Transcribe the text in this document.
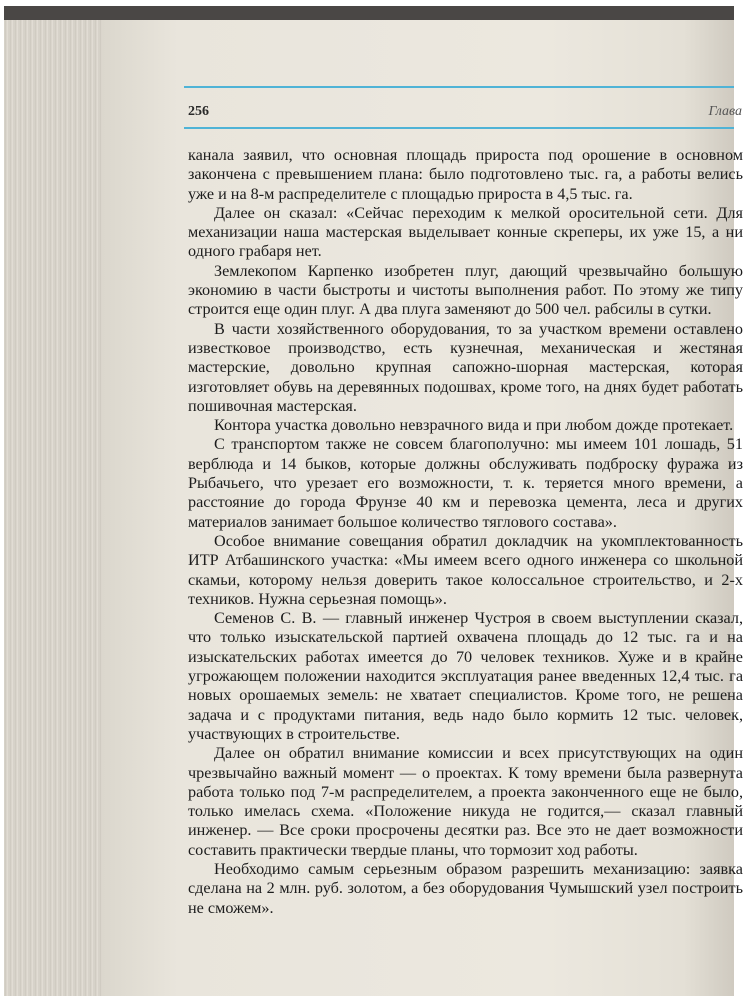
256	Глава

канала заявил, что основная площадь прироста под орошение в основном закончена с превышением плана: было подготовлено тыс. га, а работы велись уже и на 8-м распределителе с площадью прироста в 4,5 тыс. га.

Далее он сказал: «Сейчас переходим к мелкой оросительной сети. Для механизации наша мастерская выделывает конные скреперы, их уже 15, а ни одного грабаря нет.

Землекопом Карпенко изобретен плуг, дающий чрезвычайно большую экономию в части быстроты и чистоты выполнения работ. По этому же типу строится еще один плуг. А два плуга заменяют до 500 чел. рабсилы в сутки.

В части хозяйственного оборудования, то за участком времени оставлено известковое производство, есть кузнечная, механическая и жестяная мастерские, довольно крупная сапожно-шорная мастерская, которая изготовляет обувь на деревянных подошвах, кроме того, на днях будет работать пошивочная мастерская.

Контора участка довольно невзрачного вида и при любом дожде протекает.

С транспортом также не совсем благополучно: мы имеем 101 лошадь, 51 верблюда и 14 быков, которые должны обслуживать подброску фуража из Рыбачьего, что урезает его возможности, т. к. теряется много времени, а расстояние до города Фрунзе 40 км и перевозка цемента, леса и других материалов занимает большое количество тяглового состава».

Особое внимание совещания обратил докладчик на укомплектованность ИТР Атбашинского участка: «Мы имеем всего одного инженера со школьной скамьи, которому нельзя доверить такое колоссальное строительство, и 2-х техников. Нужна серьезная помощь».

Семенов С. В. — главный инженер Чустроя в своем выступлении сказал, что только изыскательской партией охвачена площадь до 12 тыс. га и на изыскательских работах имеется до 70 человек техников. Хуже и в крайне угрожающем положении находится эксплуатация ранее введенных 12,4 тыс. га новых орошаемых земель: не хватает специалистов. Кроме того, не решена задача и с продуктами питания, ведь надо было кормить 12 тыс. человек, участвующих в строительстве.

Далее он обратил внимание комиссии и всех присутствующих на один чрезвычайно важный момент — о проектах. К тому времени была развернута работа только под 7-м распределителем, а проекта законченного еще не было, только имелась схема. «Положение никуда не годится,— сказал главный инженер. — Все сроки просрочены десятки раз. Все это не дает возможности составить практически твердые планы, что тормозит ход работы.

Необходимо самым серьезным образом разрешить механизацию: заявка сделана на 2 млн. руб. золотом, а без оборудования Чумышский узел построить не сможем».
